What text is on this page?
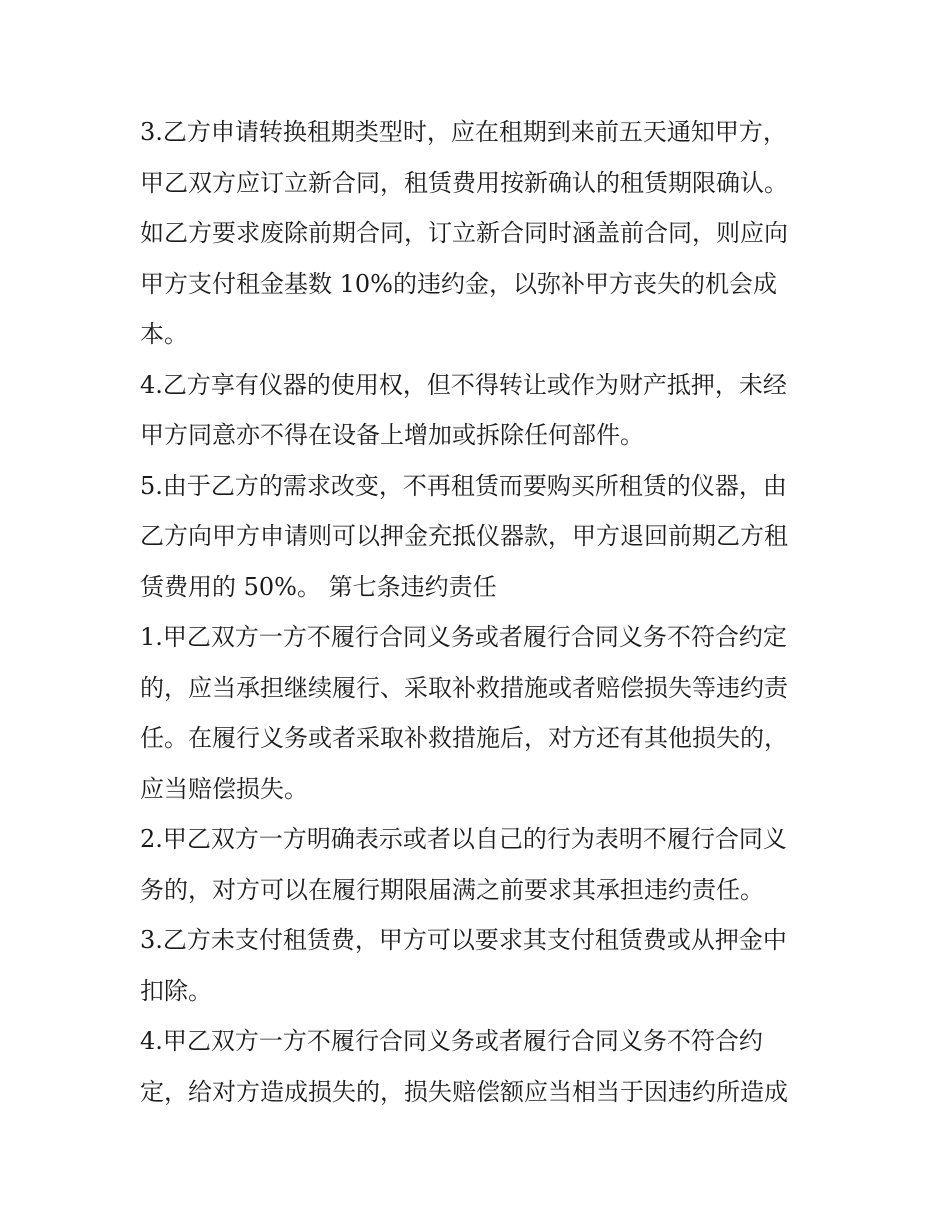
3.乙方申请转换租期类型时，应在租期到来前五天通知甲方，
甲乙双方应订立新合同，租赁费用按新确认的租赁期限确认。
如乙方要求废除前期合同，订立新合同时涵盖前合同，则应向
甲方支付租金基数 10%的违约金，以弥补甲方丧失的机会成
本。
4.乙方享有仪器的使用权，但不得转让或作为财产抵押，未经
甲方同意亦不得在设备上增加或拆除任何部件。
5.由于乙方的需求改变，不再租赁而要购买所租赁的仪器，由
乙方向甲方申请则可以押金充抵仪器款，甲方退回前期乙方租
赁费用的 50%。 第七条违约责任
1.甲乙双方一方不履行合同义务或者履行合同义务不符合约定
的，应当承担继续履行、采取补救措施或者赔偿损失等违约责
任。在履行义务或者采取补救措施后，对方还有其他损失的，
应当赔偿损失。
2.甲乙双方一方明确表示或者以自己的行为表明不履行合同义
务的，对方可以在履行期限届满之前要求其承担违约责任。
3.乙方未支付租赁费，甲方可以要求其支付租赁费或从押金中
扣除。
4.甲乙双方一方不履行合同义务或者履行合同义务不符合约
定，给对方造成损失的，损失赔偿额应当相当于因违约所造成
